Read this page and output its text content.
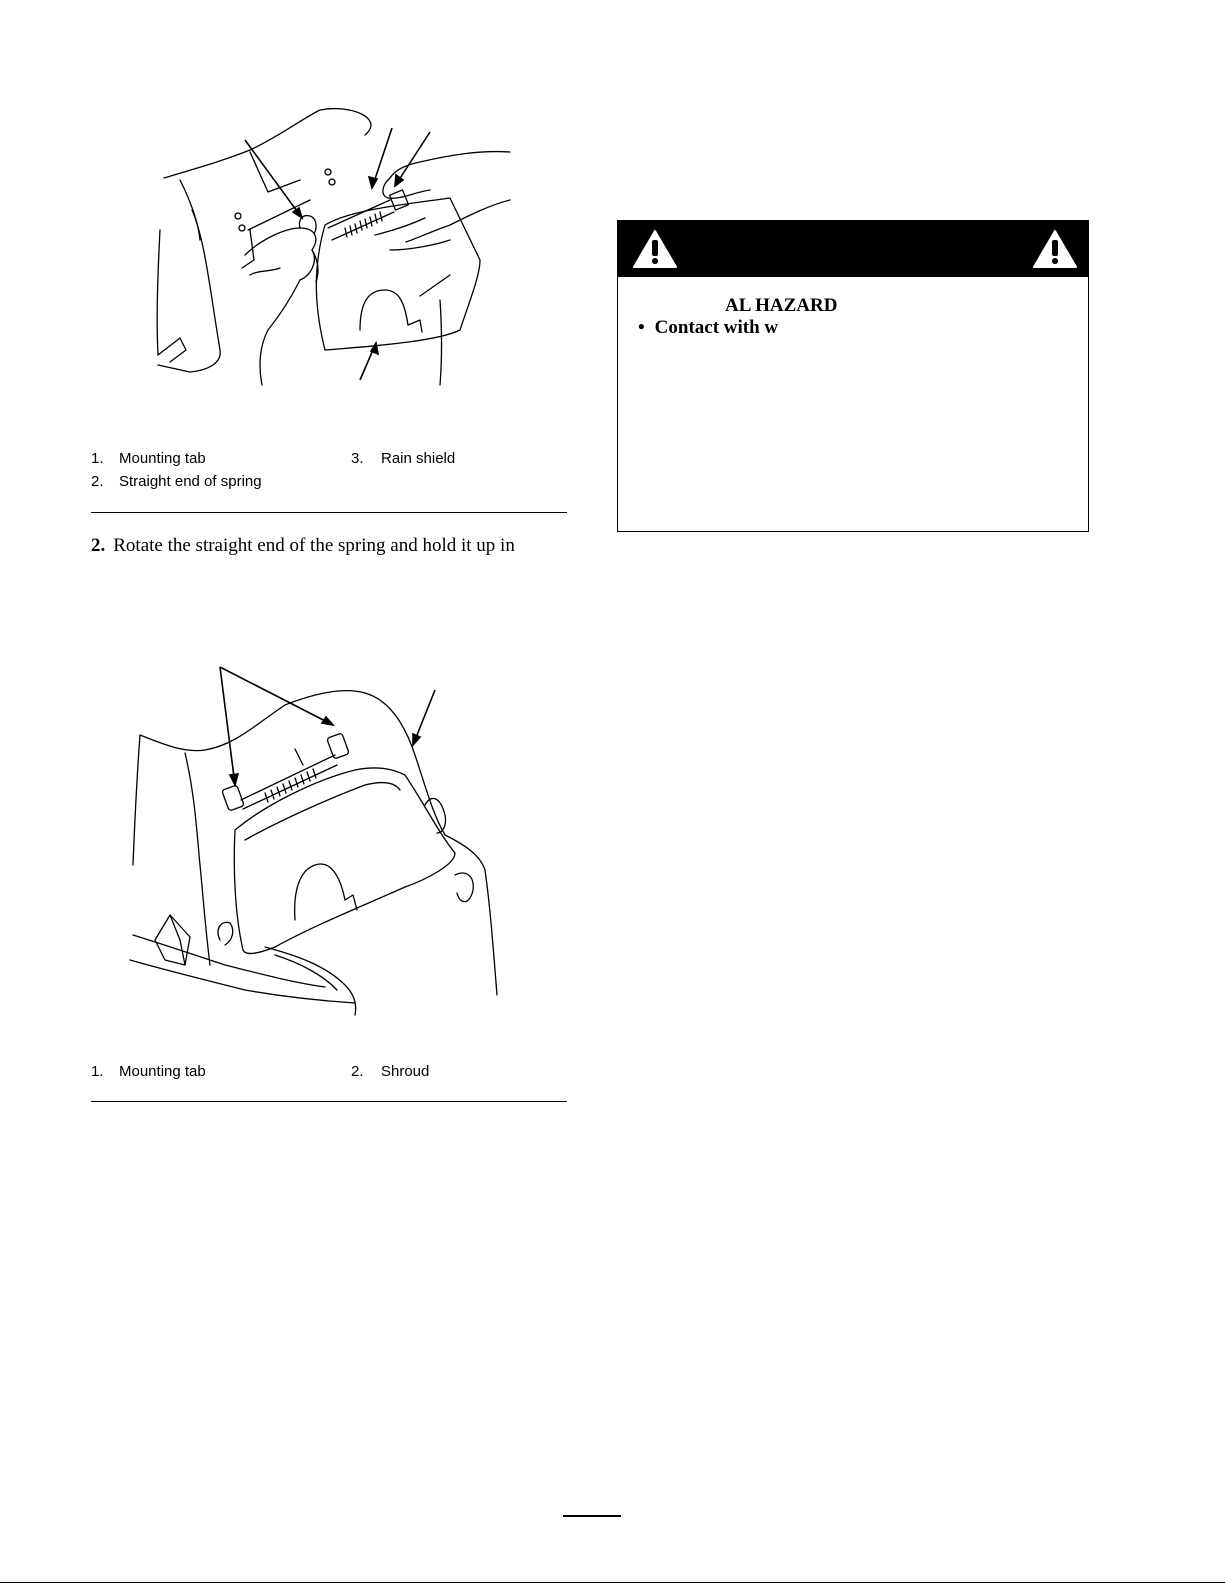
1. Mounting tab
2. Straight end of spring
3. Rain shield
2. Rotate the straight end of the spring and hold it up in
1. Mounting tab	2. Shroud
AL HAZARD
• Contact with w
